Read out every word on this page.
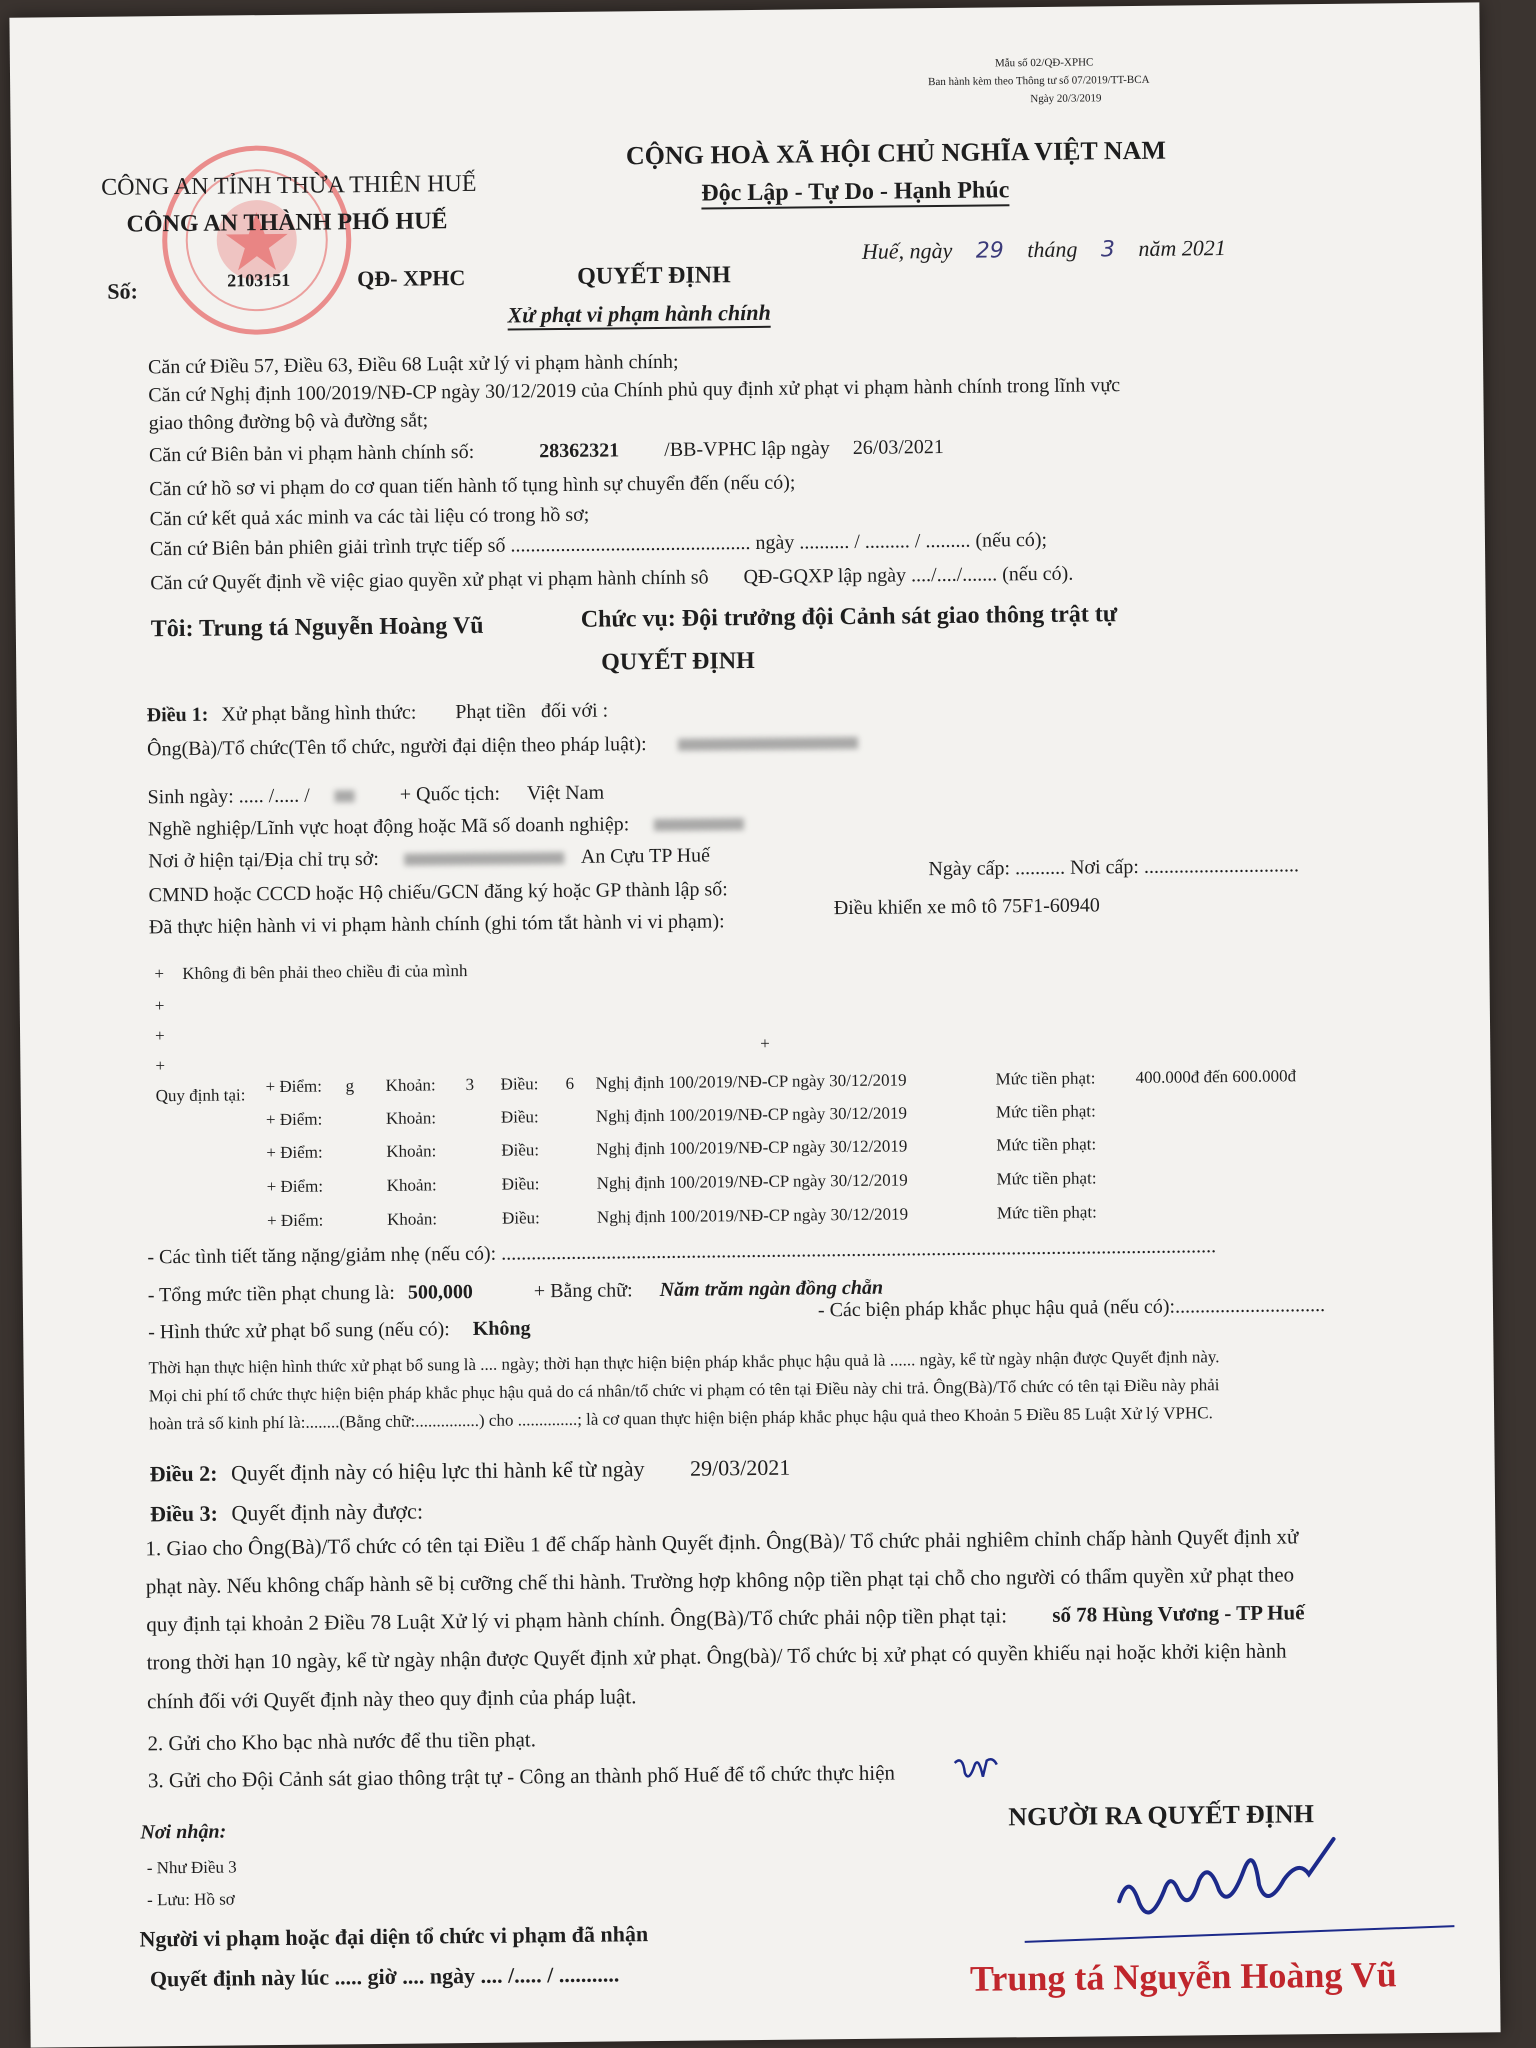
Mẫu số 02/QĐ-XPHC
Ban hành kèm theo Thông tư số 07/2019/TT-BCA
Ngày 20/3/2019
CÔNG AN TỈNH THỪA THIÊN HUẾ
CÔNG AN THÀNH PHỐ HUẾ
CỘNG HOÀ XÃ HỘI CHỦ NGHĨA VIỆT NAM
Độc Lập - Tự Do - Hạnh Phúc
Số:	2103151	QĐ- XPHC
Huế, ngày 29 tháng 3 năm 2021
QUYẾT ĐỊNH
Xử phạt vi phạm hành chính
Căn cứ Điều 57, Điều 63, Điều 68 Luật xử lý vi phạm hành chính;
Căn cứ Nghị định 100/2019/NĐ-CP ngày 30/12/2019 của Chính phủ quy định xử phạt vi phạm hành chính trong lĩnh vực
giao thông đường bộ và đường sắt;
Căn cứ Biên bản vi phạm hành chính số:	28362321 /BB-VPHC lập ngày 26/03/2021
Căn cứ hồ sơ vi phạm do cơ quan tiến hành tố tụng hình sự chuyển đến (nếu có);
Căn cứ kết quả xác minh va các tài liệu có trong hồ sơ;
Căn cứ Biên bản phiên giải trình trực tiếp số ................................................ ngày .......... / ......... / ......... (nếu có);
Căn cứ Quyết định về việc giao quyền xử phạt vi phạm hành chính sô QĐ-GQXP lập ngày ..../..../....... (nếu có).
Tôi: Trung tá Nguyễn Hoàng Vũ	Chức vụ: Đội trưởng đội Cảnh sát giao thông trật tự
QUYẾT ĐỊNH
Điều 1: Xử phạt bằng hình thức: Phạt tiền đối với :
Ông(Bà)/Tổ chức(Tên tổ chức, người đại diện theo pháp luật):
Sinh ngày: ..... /..... /	+ Quốc tịch: Việt Nam
Nghề nghiệp/Lĩnh vực hoạt động hoặc Mã số doanh nghiệp:
Nơi ở hiện tại/Địa chỉ trụ sở:	An Cựu TP Huế
CMND hoặc CCCD hoặc Hộ chiếu/GCN đăng ký hoặc GP thành lập số:
Ngày cấp: .......... Nơi cấp: ...............................
Đã thực hiện hành vi vi phạm hành chính (ghi tóm tắt hành vi vi phạm):
Điều khiển xe mô tô 75F1-60940
+ Không đi bên phải theo chiều đi của mình
+
+
+
+
Quy định tại: + Điểm: g Khoản: 3 Điều: 6 Nghị định 100/2019/NĐ-CP ngày 30/12/2019	Mức tiền phạt: 400.000đ đến 600.000đ
+ Điểm:	Khoản:	Điều:	Nghị định 100/2019/NĐ-CP ngày 30/12/2019	Mức tiền phạt:
+ Điểm:	Khoản:	Điều:	Nghị định 100/2019/NĐ-CP ngày 30/12/2019	Mức tiền phạt:
+ Điểm:	Khoản:	Điều:	Nghị định 100/2019/NĐ-CP ngày 30/12/2019	Mức tiền phạt:
+ Điểm:	Khoản:	Điều:	Nghị định 100/2019/NĐ-CP ngày 30/12/2019	Mức tiền phạt:
- Các tình tiết tăng nặng/giảm nhẹ (nếu có): ...............................................................................................................................................
- Tổng mức tiền phạt chung là: 500,000	+ Bằng chữ: Năm trăm ngàn đồng chẵn
- Hình thức xử phạt bổ sung (nếu có): Không
- Các biện pháp khắc phục hậu quả (nếu có):..............................
Thời hạn thực hiện hình thức xử phạt bổ sung là .... ngày; thời hạn thực hiện biện pháp khắc phục hậu quả là ...... ngày, kể từ ngày nhận được Quyết định này.
Mọi chi phí tổ chức thực hiện biện pháp khắc phục hậu quả do cá nhân/tổ chức vi phạm có tên tại Điều này chi trả. Ông(Bà)/Tổ chức có tên tại Điều này phải
hoàn trả số kinh phí là:........(Bằng chữ:...............) cho ..............; là cơ quan thực hiện biện pháp khắc phục hậu quả theo Khoản 5 Điều 85 Luật Xử lý VPHC.
Điều 2: Quyết định này có hiệu lực thi hành kể từ ngày 29/03/2021
Điều 3: Quyết định này được:
1. Giao cho Ông(Bà)/Tổ chức có tên tại Điều 1 để chấp hành Quyết định. Ông(Bà)/ Tổ chức phải nghiêm chỉnh chấp hành Quyết định xử
phạt này. Nếu không chấp hành sẽ bị cưỡng chế thi hành. Trường hợp không nộp tiền phạt tại chỗ cho người có thẩm quyền xử phạt theo
quy định tại khoản 2 Điều 78 Luật Xử lý vi phạm hành chính. Ông(Bà)/Tổ chức phải nộp tiền phạt tại: số 78 Hùng Vương - TP Huế
trong thời hạn 10 ngày, kể từ ngày nhận được Quyết định xử phạt. Ông(bà)/ Tổ chức bị xử phạt có quyền khiếu nại hoặc khởi kiện hành
chính đối với Quyết định này theo quy định của pháp luật.
2. Gửi cho Kho bạc nhà nước để thu tiền phạt.
3. Gửi cho Đội Cảnh sát giao thông trật tự - Công an thành phố Huế để tổ chức thực hiện
Nơi nhận:
- Như Điều 3
- Lưu: Hồ sơ
Người vi phạm hoặc đại diện tổ chức vi phạm đã nhận
Quyết định này lúc ..... giờ .... ngày .... /..... / ...........
NGƯỜI RA QUYẾT ĐỊNH
Trung tá Nguyễn Hoàng Vũ
